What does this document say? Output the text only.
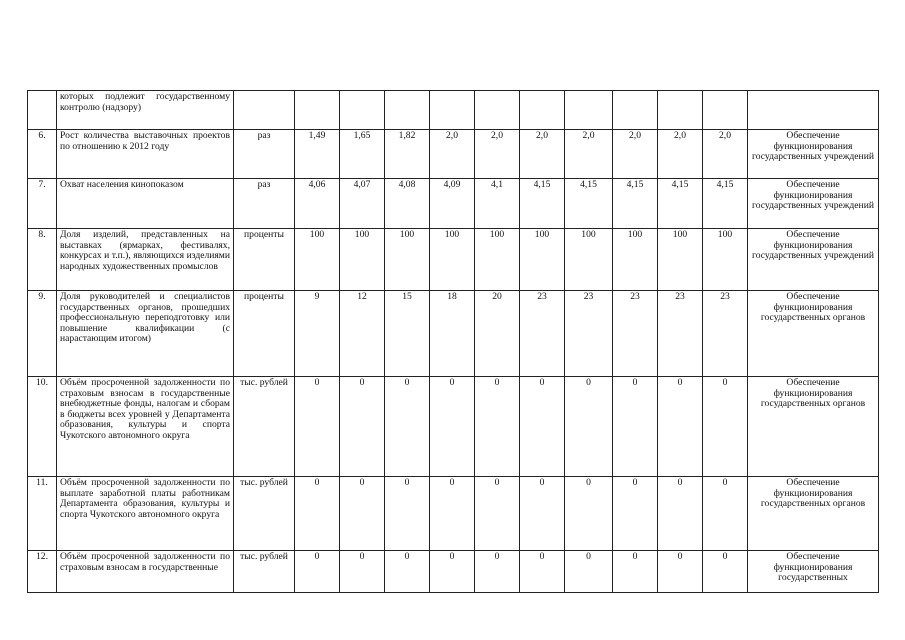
	которых подлежит государственному контролю (надзору)												

6.	Рост количества выставочных проектов по отношению к 2012 году	раз	1,49	1,65	1,82	2,0	2,0	2,0	2,0	2,0	2,0	2,0	Обеспечение функционирования государственных учреждений

7.	Охват населения кинопоказом	раз	4,06	4,07	4,08	4,09	4,1	4,15	4,15	4,15	4,15	4,15	Обеспечение функционирования государственных учреждений

8.	Доля изделий, представленных на выставках (ярмарках, фестивалях, конкурсах и т.п.), являющихся изделиями народных художественных промыслов	проценты	100	100	100	100	100	100	100	100	100	100	Обеспечение функционирования государственных учреждений

9.	Доля руководителей и специалистов государственных органов, прошедших профессиональную переподготовку или повышение квалификации (с нарастающим итогом)	проценты	9	12	15	18	20	23	23	23	23	23	Обеспечение функционирования государственных органов

10.	Объём просроченной задолженности по страховым взносам в государственные внебюджетные фонды, налогам и сборам в бюджеты всех уровней у Департамента образования, культуры и спорта Чукотского автономного округа	тыс. рублей	0	0	0	0	0	0	0	0	0	0	Обеспечение функционирования государственных органов

11.	Объём просроченной задолженности по выплате заработной платы работникам Департамента образования, культуры и спорта Чукотского автономного округа	тыс. рублей	0	0	0	0	0	0	0	0	0	0	Обеспечение функционирования государственных органов

12.	Объём просроченной задолженности по страховым взносам в государственные	тыс. рублей	0	0	0	0	0	0	0	0	0	0	Обеспечение функционирования государственных
